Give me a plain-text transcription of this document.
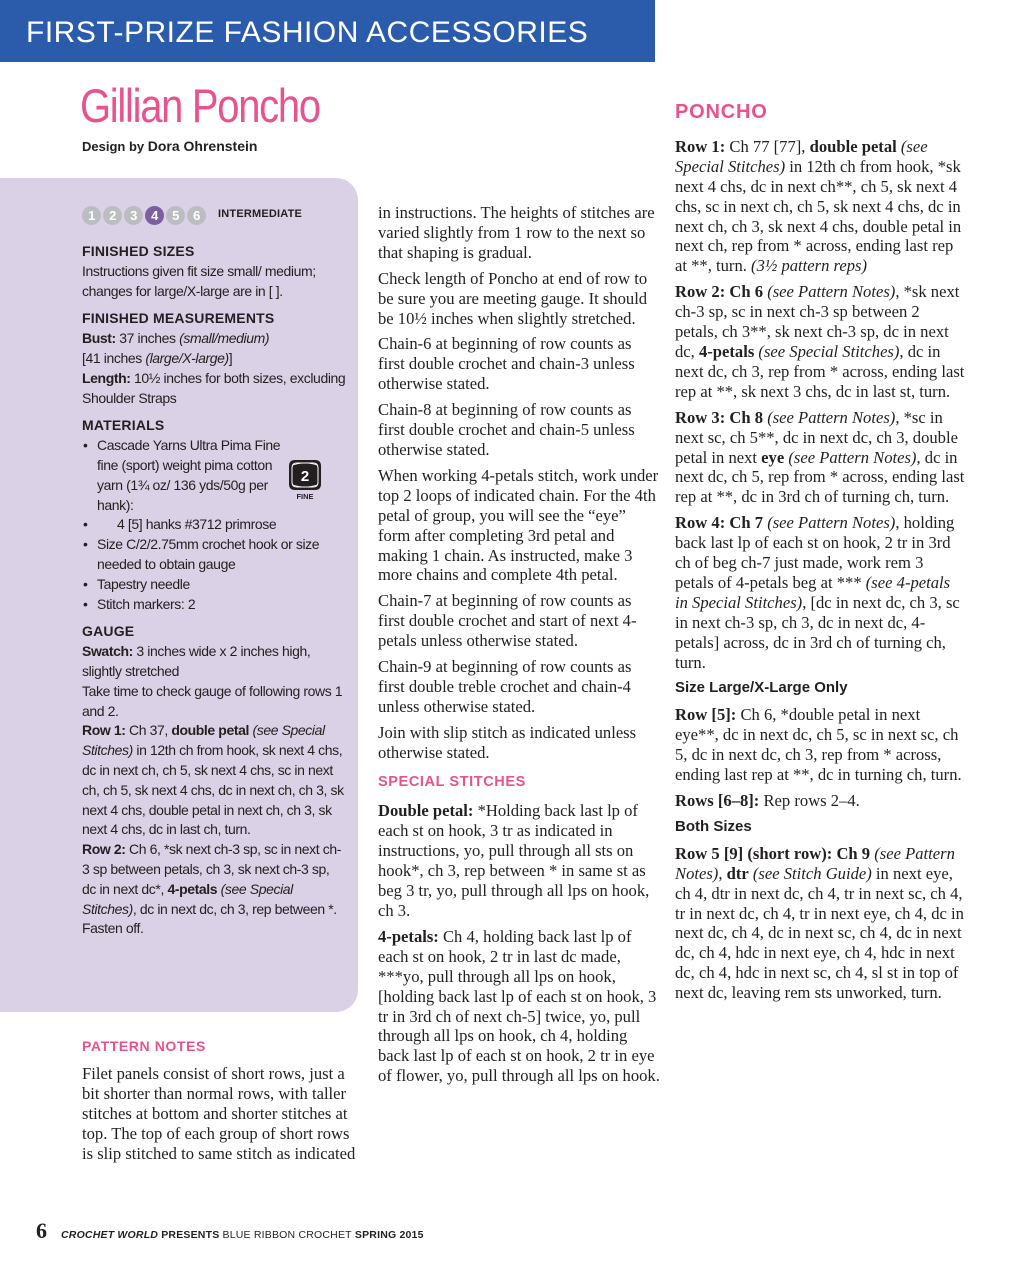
FIRST-PRIZE FASHION ACCESSORIES
Gillian Poncho
Design by Dora Ohrenstein
1	2	3	4	5	6	INTERMEDIATE
FINISHED SIZES

Instructions given fit size small/ medium; changes for large/X-large are in [ ].

FINISHED MEASUREMENTS

Bust: 37 inches (small/medium)

[41 inches (large/X-large)]

Length: 10½ inches for both sizes, excluding Shoulder Straps

MATERIALS
• Cascade Yarns Ultra Pima Fine fine (sport) weight pima cotton yarn (1¾ oz/ 136 yds/50g per hank):
• 4 [5] hanks #3712 primrose
• Size C/2/2.75mm crochet hook or size needed to obtain gauge
• Tapestry needle
• Stitch markers: 2
GAUGE

Swatch: 3 inches wide x 2 inches high, slightly stretched

Take time to check gauge of following rows 1 and 2.

Row 1: Ch 37, double petal (see Special Stitches) in 12th ch from hook, sk next 4 chs, dc in next ch, ch 5, sk next 4 chs, sc in next ch, ch 5, sk next 4 chs, dc in next ch, ch 3, sk next 4 chs, double petal in next ch, ch 3, sk next 4 chs, dc in last ch, turn.

Row 2: Ch 6, *sk next ch-3 sp, sc in next ch-3 sp between petals, ch 3, sk next ch-3 sp, dc in next dc*, 4-petals (see Special Stitches), dc in next dc, ch 3, rep between *. Fasten off.

2
FINE
PATTERN NOTES

Filet panels consist of short rows, just a bit shorter than normal rows, with taller stitches at bottom and shorter stitches at top. The top of each group of short rows is slip stitched to same stitch as indicated

in instructions. The heights of stitches are varied slightly from 1 row to the next so that shaping is gradual.

Check length of Poncho at end of row to be sure you are meeting gauge. It should be 10½ inches when slightly stretched.

Chain-6 at beginning of row counts as first double crochet and chain-3 unless otherwise stated.

Chain-8 at beginning of row counts as first double crochet and chain-5 unless otherwise stated.

When working 4-petals stitch, work under top 2 loops of indicated chain. For the 4th petal of group, you will see the “eye” form after completing 3rd petal and making 1 chain. As instructed, make 3 more chains and complete 4th petal.

Chain-7 at beginning of row counts as first double crochet and start of next 4-petals unless otherwise stated.

Chain-9 at beginning of row counts as first double treble crochet and chain-4 unless otherwise stated.

Join with slip stitch as indicated unless otherwise stated.

SPECIAL STITCHES

Double petal: *Holding back last lp of each st on hook, 3 tr as indicated in instructions, yo, pull through all sts on hook*, ch 3, rep between * in same st as beg 3 tr, yo, pull through all lps on hook, ch 3.

4-petals: Ch 4, holding back last lp of each st on hook, 2 tr in last dc made, ***yo, pull through all lps on hook, [holding back last lp of each st on hook, 3 tr in 3rd ch of next ch-5] twice, yo, pull through all lps on hook, ch 4, holding back last lp of each st on hook, 2 tr in eye of flower, yo, pull through all lps on hook.

PONCHO

Row 1: Ch 77 [77], double petal (see Special Stitches) in 12th ch from hook, *sk next 4 chs, dc in next ch**, ch 5, sk next 4 chs, sc in next ch, ch 5, sk next 4 chs, dc in next ch, ch 3, sk next 4 chs, double petal in next ch, rep from * across, ending last rep at **, turn. (3½ pattern reps)

Row 2: Ch 6 (see Pattern Notes), *sk next ch-3 sp, sc in next ch-3 sp between 2 petals, ch 3**, sk next ch-3 sp, dc in next dc, 4-petals (see Special Stitches), dc in next dc, ch 3, rep from * across, ending last rep at **, sk next 3 chs, dc in last st, turn.

Row 3: Ch 8 (see Pattern Notes), *sc in next sc, ch 5**, dc in next dc, ch 3, double petal in next eye (see Pattern Notes), dc in next dc, ch 5, rep from * across, ending last rep at **, dc in 3rd ch of turning ch, turn.

Row 4: Ch 7 (see Pattern Notes), holding back last lp of each st on hook, 2 tr in 3rd ch of beg ch-7 just made, work rem 3 petals of 4-petals beg at *** (see 4-petals in Special Stitches), [dc in next dc, ch 3, sc in next ch-3 sp, ch 3, dc in next dc, 4-petals] across, dc in 3rd ch of turning ch, turn.

Size Large/X-Large Only

Row [5]: Ch 6, *double petal in next eye**, dc in next dc, ch 5, sc in next sc, ch 5, dc in next dc, ch 3, rep from * across, ending last rep at **, dc in turning ch, turn.

Rows [6–8]: Rep rows 2–4.

Both Sizes

Row 5 [9] (short row): Ch 9 (see Pattern Notes), dtr (see Stitch Guide) in next eye, ch 4, dtr in next dc, ch 4, tr in next sc, ch 4, tr in next dc, ch 4, tr in next eye, ch 4, dc in next dc, ch 4, dc in next sc, ch 4, dc in next dc, ch 4, hdc in next eye, ch 4, hdc in next dc, ch 4, hdc in next sc, ch 4, sl st in top of next dc, leaving rem sts unworked, turn.

6 CROCHET WORLD PRESENTS BLUE RIBBON CROCHET SPRING 2015
